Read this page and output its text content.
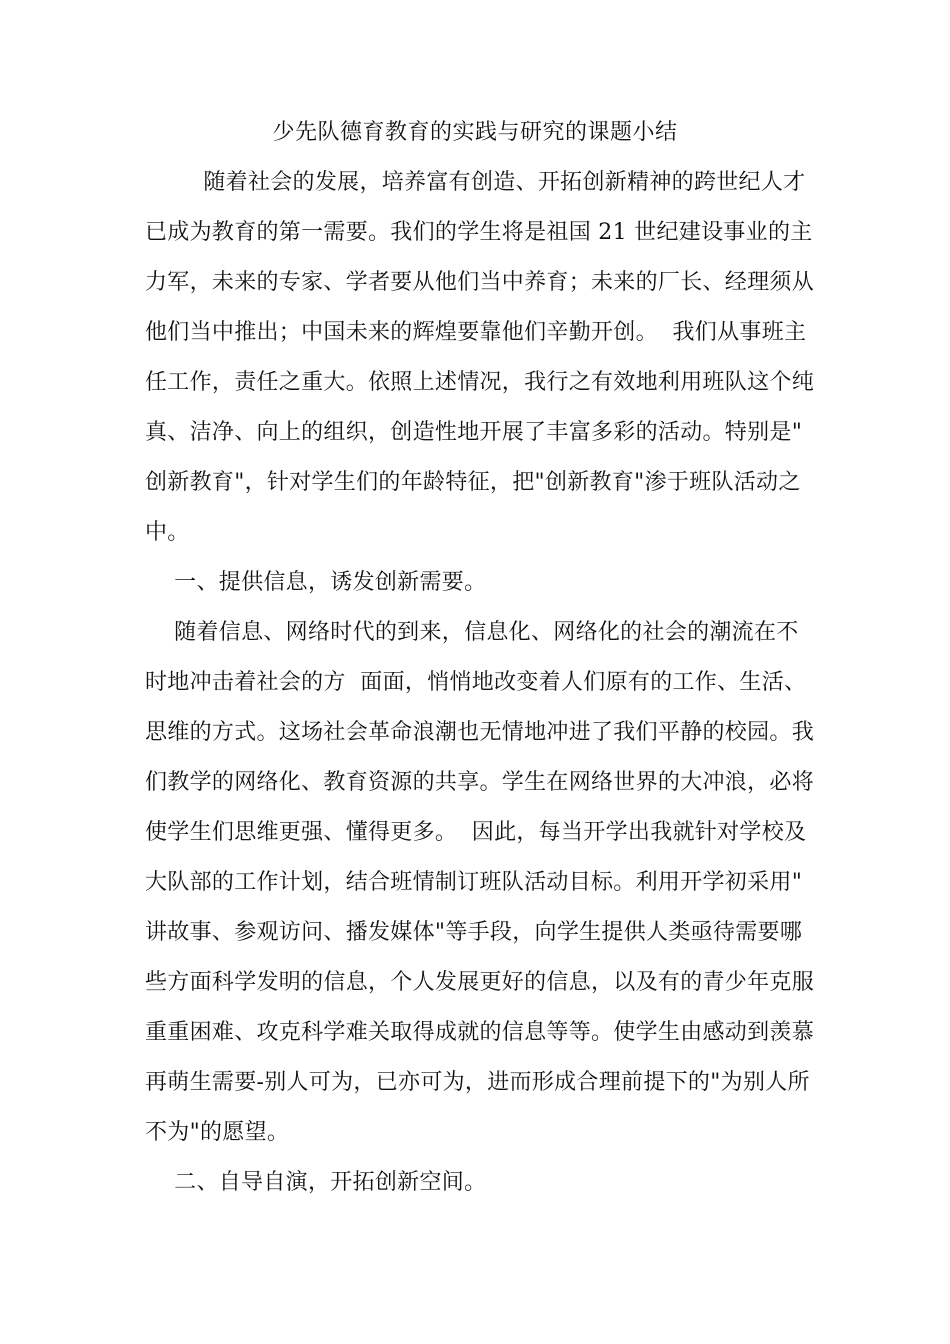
少先队德育教育的实践与研究的课题小结
随着社会的发展，培养富有创造、开拓创新精神的跨世纪人才
已成为教育的第一需要。我们的学生将是祖国 21 世纪建设事业的主
力军，未来的专家、学者要从他们当中养育；未来的厂长、经理须从
他们当中推出；中国未来的辉煌要靠他们辛勤开创。  我们从事班主
任工作，责任之重大。依照上述情况，我行之有效地利用班队这个纯
真、洁净、向上的组织，创造性地开展了丰富多彩的活动。特别是"
创新教育"，针对学生们的年龄特征，把"创新教育"渗于班队活动之
中。
一、提供信息，诱发创新需要。
随着信息、网络时代的到来，信息化、网络化的社会的潮流在不
时地冲击着社会的方  面面，悄悄地改变着人们原有的工作、生活、
思维的方式。这场社会革命浪潮也无情地冲进了我们平静的校园。我
们教学的网络化、教育资源的共享。学生在网络世界的大冲浪，必将
使学生们思维更强、懂得更多。  因此，每当开学出我就针对学校及
大队部的工作计划，结合班情制订班队活动目标。利用开学初采用"
讲故事、参观访问、播发媒体"等手段，向学生提供人类亟待需要哪
些方面科学发明的信息，个人发展更好的信息，以及有的青少年克服
重重困难、攻克科学难关取得成就的信息等等。使学生由感动到羡慕
再萌生需要-别人可为，已亦可为，进而形成合理前提下的"为别人所
不为"的愿望。
二、自导自演，开拓创新空间。
